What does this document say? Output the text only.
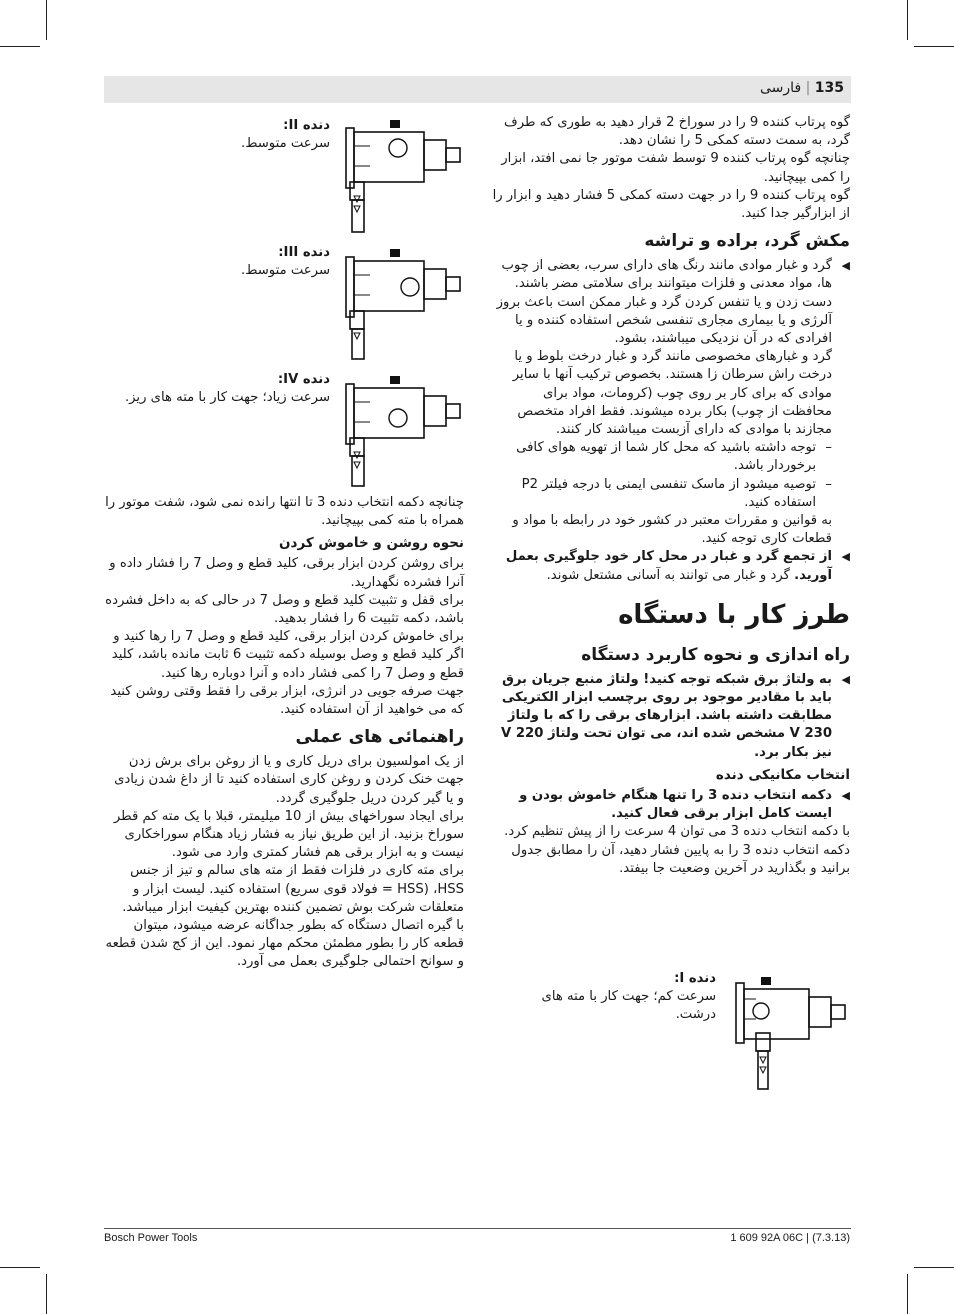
135 | فارسی

گوه پرتاب کننده 9 را در سوراخ 2 قرار دهید به طوری که طرف گرد، به سمت دسته کمکی 5 را نشان دهد.

چنانچه گوه پرتاب کننده 9 توسط شفت موتور جا نمی افتد، ابزار را کمی بپیچانید.

گوه پرتاب کننده 9 را در جهت دسته کمکی 5 فشار دهید و ابزار را از ابزارگیر جدا کنید.

مکش گرد، براده و تراشه
◀

گرد و غبار موادی مانند رنگ های دارای سرب، بعضی از چوب ها، مواد معدنی و فلزات میتوانند برای سلامتی مضر باشند. دست زدن و یا تنفس کردن گرد و غبار ممکن است باعث بروز آلرژی و یا بیماری مجاری تنفسی شخص استفاده کننده و یا افرادی که در آن نزدیکی میباشند، بشود.

گرد و غبارهای مخصوصی مانند گرد و غبار درخت بلوط و یا درخت راش سرطان زا هستند. بخصوص ترکیب آنها با سایر موادی که برای کار بر روی چوب (کرومات، مواد برای محافظت از چوب) بکار برده میشوند. فقط افراد متخصص مجازند با موادی که دارای آزبست میباشند کار کنند.

–

توجه داشته باشید که محل کار شما از تهویه هوای کافی برخوردار باشد.

–

توصیه میشود از ماسک تنفسی ایمنی با درجه فیلتر P2 استفاده کنید.

به قوانین و مقررات معتبر در کشور خود در رابطه با مواد و قطعات کاری توجه کنید.

◀

از تجمع گرد و غبار در محل کار خود جلوگیری بعمل آورید. گرد و غبار می توانند به آسانی مشتعل شوند.

طرز کار با دستگاه
راه اندازی و نحوه کاربرد دستگاه
◀

به ولتاژ برق شبکه توجه کنید! ولتاژ منبع جریان برق باید با مقادیر موجود بر روی برچسب ابزار الکتریکی مطابقت داشته باشد. ابزارهای برقی را که با ولتاژ 230 V مشخص شده اند، می توان تحت ولتاژ 220 V نیز بکار برد.

انتخاب مکانیکی دنده
◀

دکمه انتخاب دنده 3 را تنها هنگام خاموش بودن و ایست کامل ابزار برقی فعال کنید.

با دکمه انتخاب دنده 3 می توان 4 سرعت را از پیش تنظیم کرد. دکمه انتخاب دنده 3 را به پایین فشار دهید، آن را مطابق جدول برانید و بگذارید در آخرین وضعیت جا بیفتد.

دنده I:
سرعت کم؛ جهت کار با مته های درشت.
دنده II:
سرعت متوسط.
دنده III:
سرعت متوسط.
دنده IV:
سرعت زیاد؛ جهت کار با مته های ریز.

چنانچه دکمه انتخاب دنده 3 تا انتها رانده نمی شود، شفت موتور را همراه با مته کمی بپیچانید.

نحوه روشن و خاموش کردن

برای روشن کردن ابزار برقی، کلید قطع و وصل 7 را فشار داده و آنرا فشرده نگهدارید.

برای قفل و تثبیت کلید قطع و وصل 7 در حالی که به داخل فشرده باشد، دکمه تثبیت 6 را فشار بدهید.

برای خاموش کردن ابزار برقی، کلید قطع و وصل 7 را رها کنید و اگر کلید قطع و وصل بوسیله دکمه تثبیت 6 ثابت مانده باشد، کلید قطع و وصل 7 را کمی فشار داده و آنرا دوباره رها کنید.

جهت صرفه جویی در انرژی، ابزار برقی را فقط وقتی روشن کنید که می خواهید از آن استفاده کنید.

راهنمائی های عملی

از یک امولسیون برای دریل کاری و یا از روغن برای برش زدن جهت خنک کردن و روغن کاری استفاده کنید تا از داغ شدن زیادی و یا گیر کردن دریل جلوگیری گردد.

برای ایجاد سوراخهای بیش از 10 میلیمتر، قبلا با یک مته کم قطر سوراخ بزنید. از این طریق نیاز به فشار زیاد هنگام سوراخکاری نیست و به ابزار برقی هم فشار کمتری وارد می شود.

برای مته کاری در فلزات فقط از مته های سالم و تیز از جنس HSS، (HSS = فولاد قوی سریع) استفاده کنید. لیست ابزار و متعلقات شرکت بوش تضمین کننده بهترین کیفیت ابزار میباشد.

با گیره اتصال دستگاه که بطور جداگانه عرضه میشود، میتوان قطعه کار را بطور مطمئن محکم مهار نمود. این از کج شدن قطعه و سوانح احتمالی جلوگیری بعمل می آورد.

Bosch Power Tools	1 609 92A 06C | (7.3.13)
